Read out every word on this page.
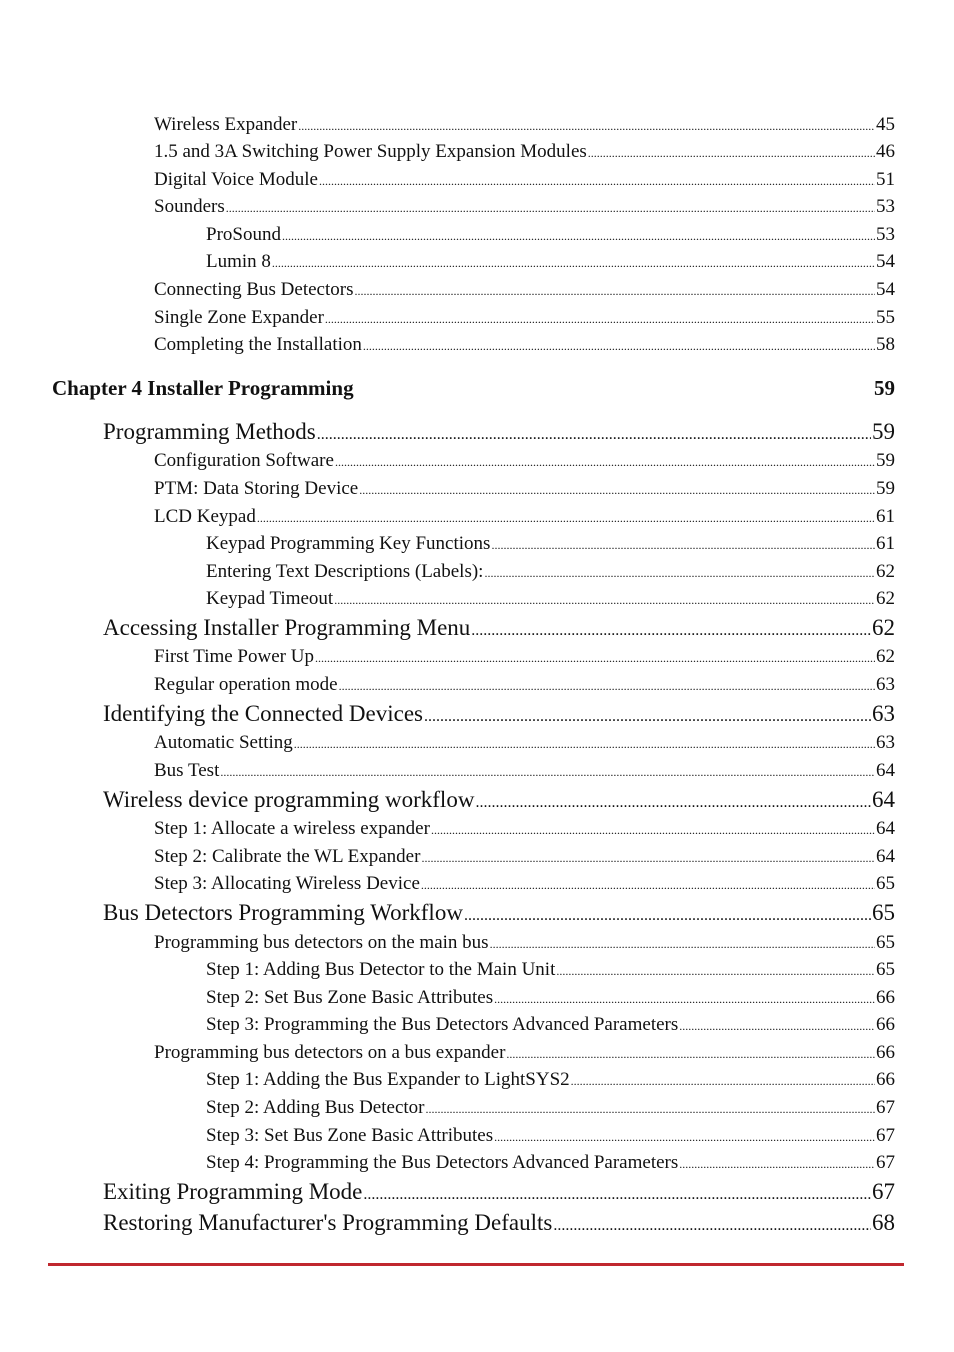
Wireless Expander .....	45
1.5 and 3A Switching Power Supply Expansion Modules .....	46
Digital Voice Module .....	51
Sounders .....	53
ProSound .....	53
Lumin 8 .....	54
Connecting Bus Detectors .....	54
Single Zone Expander .....	55
Completing the Installation .....	58
Chapter 4 Installer Programming	59
Programming Methods .....	59
Configuration Software .....	59
PTM: Data Storing Device .....	59
LCD Keypad .....	61
Keypad Programming Key Functions .....	61
Entering Text Descriptions (Labels): .....	62
Keypad Timeout .....	62
Accessing Installer Programming Menu .....	62
First Time Power Up .....	62
Regular operation mode .....	63
Identifying the Connected Devices .....	63
Automatic Setting .....	63
Bus Test .....	64
Wireless device programming workflow .....	64
Step 1: Allocate a wireless expander .....	64
Step 2: Calibrate the WL Expander .....	64
Step 3: Allocating Wireless Device .....	65
Bus Detectors Programming Workflow .....	65
Programming bus detectors on the main bus .....	65
Step 1: Adding Bus Detector to the Main Unit .....	65
Step 2: Set Bus Zone Basic Attributes .....	66
Step 3: Programming the Bus Detectors Advanced Parameters .....	66
Programming bus detectors on a bus expander .....	66
Step 1: Adding the Bus Expander to LightSYS2 .....	66
Step 2: Adding Bus Detector .....	67
Step 3: Set Bus Zone Basic Attributes .....	67
Step 4: Programming the Bus Detectors Advanced Parameters .....	67
Exiting Programming Mode .....	67
Restoring Manufacturer's Programming Defaults .....	68
